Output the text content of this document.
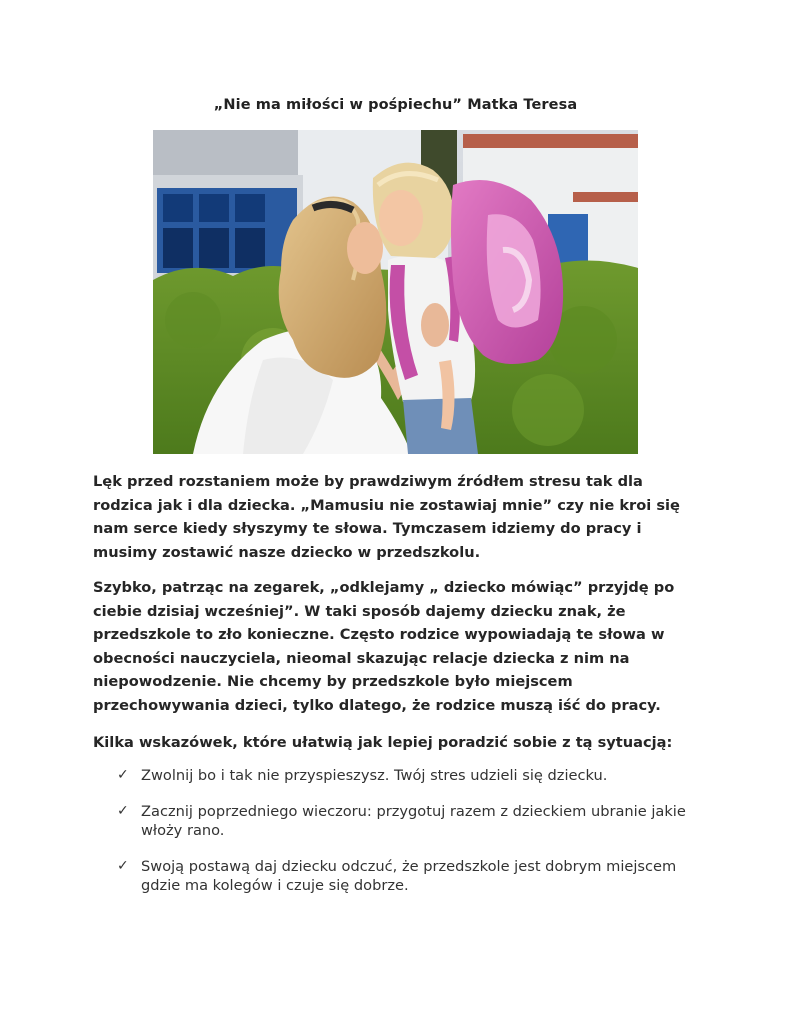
„Nie ma miłości w pośpiechu” Matka Teresa

Lęk przed rozstaniem może by prawdziwym źródłem stresu tak dla rodzica jak i dla dziecka. „Mamusiu nie zostawiaj mnie” czy nie kroi się nam serce kiedy słyszymy te słowa. Tymczasem idziemy do pracy i musimy zostawić nasze dziecko w przedszkolu.

Szybko, patrząc na zegarek, „odklejamy „ dziecko mówiąc” przyjdę po ciebie dzisiaj wcześniej”. W taki sposób dajemy dziecku znak, że przedszkole to zło konieczne. Często rodzice wypowiadają te słowa w obecności nauczyciela, nieomal skazując relacje dziecka z nim na niepowodzenie. Nie chcemy by przedszkole było miejscem przechowywania dzieci, tylko dlatego, że rodzice muszą iść do pracy.

Kilka wskazówek, które ułatwią jak lepiej poradzić sobie z tą sytuacją:

✓ Zwolnij bo i tak nie przyspieszysz. Twój stres udzieli się dziecku.
✓ Zacznij poprzedniego wieczoru: przygotuj razem z dzieckiem ubranie jakie włoży rano.
✓ Swoją postawą daj dziecku odczuć, że przedszkole jest dobrym miejscem gdzie ma kolegów i czuje się dobrze.
